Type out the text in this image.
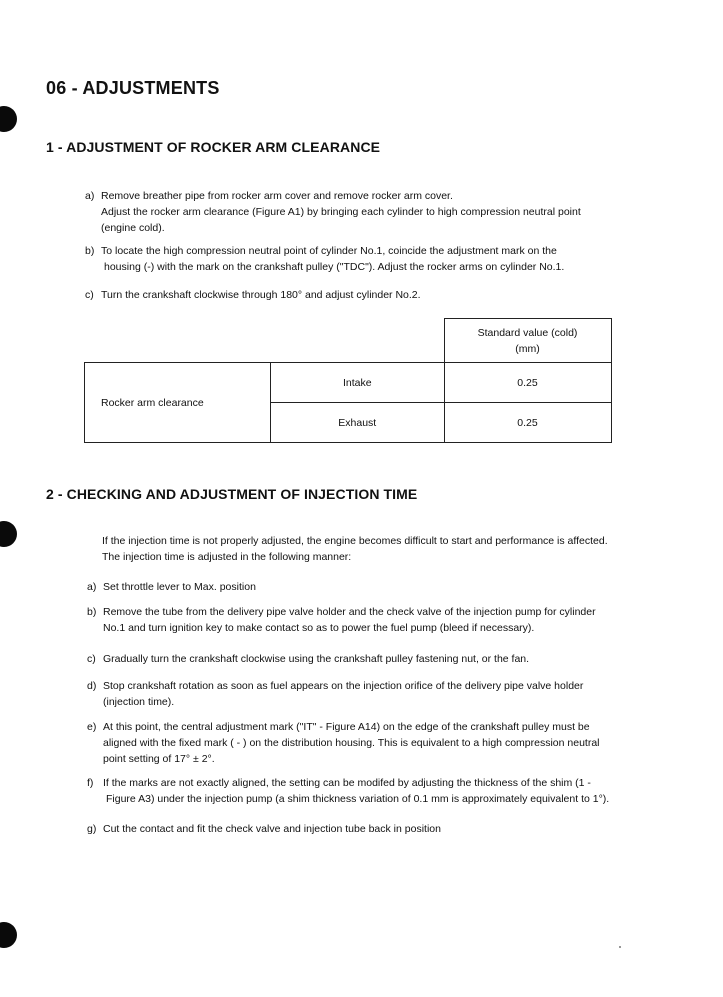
06 - ADJUSTMENTS
1 - ADJUSTMENT OF ROCKER ARM CLEARANCE
a) Remove breather pipe from rocker arm cover and remove rocker arm cover.
Adjust the rocker arm clearance (Figure A1) by bringing each cylinder to high compression neutral point
(engine cold).
b) To locate the high compression neutral point of cylinder No.1, coincide the adjustment mark on the
housing (-) with the mark on the crankshaft pulley ("TDC"). Adjust the rocker arms on cylinder No.1.
c) Turn the crankshaft clockwise through 180° and adjust cylinder No.2.

		Standard value (cold)
(mm)

Rocker arm clearance	Intake	0.25
	Exhaust	0.25
2 - CHECKING AND ADJUSTMENT OF INJECTION TIME
If the injection time is not properly adjusted, the engine becomes difficult to start and performance is affected.
The injection time is adjusted in the following manner:
a) Set throttle lever to Max. position
b) Remove the tube from the delivery pipe valve holder and the check valve of the injection pump for cylinder
No.1 and turn ignition key to make contact so as to power the fuel pump (bleed if necessary).
c) Gradually turn the crankshaft clockwise using the crankshaft pulley fastening nut, or the fan.
d) Stop crankshaft rotation as soon as fuel appears on the injection orifice of the delivery pipe valve holder
(injection time).
e) At this point, the central adjustment mark ("IT" - Figure A14) on the edge of the crankshaft pulley must be
aligned with the fixed mark ( - ) on the distribution housing. This is equivalent to a high compression neutral
point setting of 17° ± 2°.
f) If the marks are not exactly aligned, the setting can be modifed by adjusting the thickness of the shim (1 -
Figure A3) under the injection pump (a shim thickness variation of 0.1 mm is approximately equivalent to 1°).
g) Cut the contact and fit the check valve and injection tube back in position
